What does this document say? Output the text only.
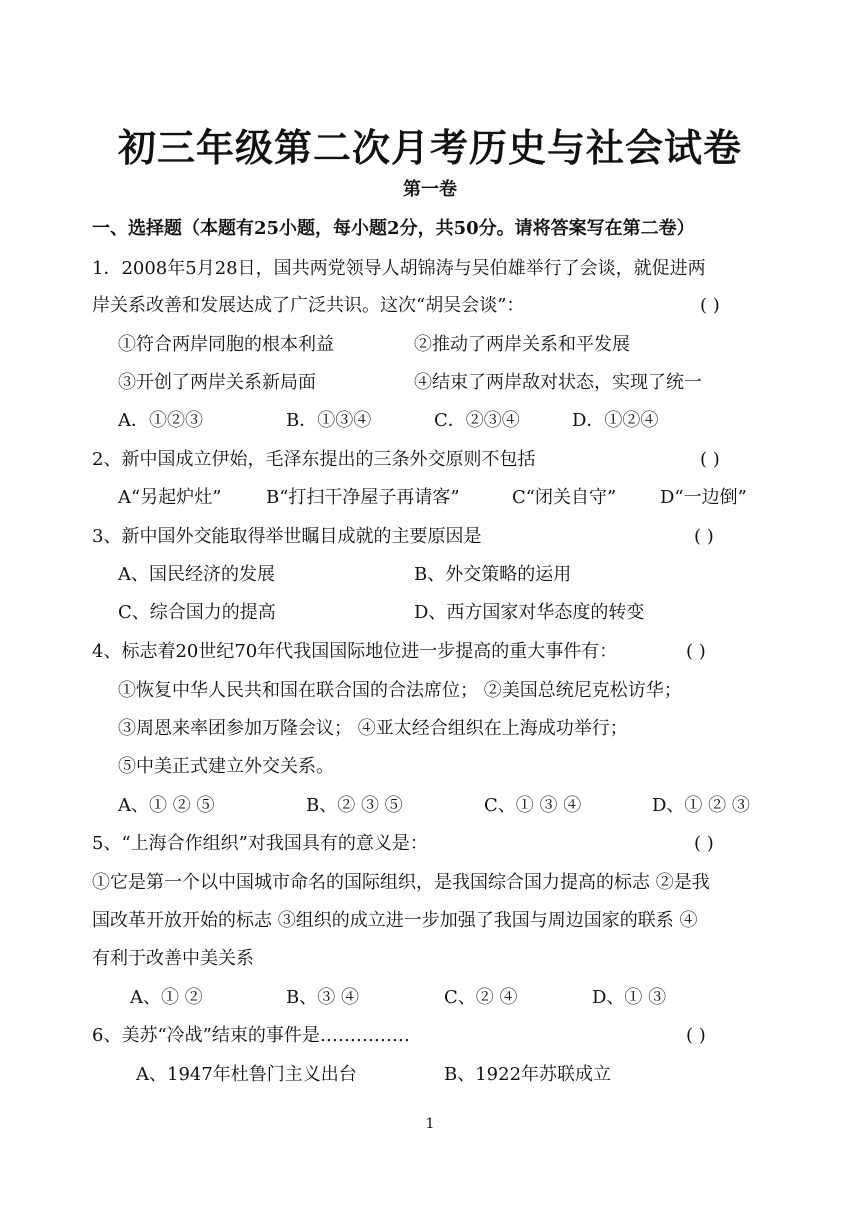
初三年级第二次月考历史与社会试卷
第一卷
一、选择题（本题有25小题，每小题2分，共50分。请将答案写在第二卷）
1．2008年5月28日，国共两党领导人胡锦涛与吴伯雄举行了会谈，就促进两
岸关系改善和发展达成了广泛共识。这次“胡吴会谈”：	( )
①符合两岸同胞的根本利益	②推动了两岸关系和平发展
③开创了两岸关系新局面	④结束了两岸敌对状态，实现了统一
A．①②③	B．①③④	C．②③④	D．①②④
2、新中国成立伊始，毛泽东提出的三条外交原则不包括	( )
A“另起炉灶” B“打扫干净屋子再请客”	C“闭关自守” D“一边倒”
3、新中国外交能取得举世瞩目成就的主要原因是	( )
A、国民经济的发展	B、外交策略的运用
C、综合国力的提高	D、西方国家对华态度的转变
4、标志着20世纪70年代我国国际地位进一步提高的重大事件有：	( )
①恢复中华人民共和国在联合国的合法席位； ②美国总统尼克松访华；
③周恩来率团参加万隆会议； ④亚太经合组织在上海成功举行；
⑤中美正式建立外交关系。
A、① ② ⑤	B、② ③ ⑤	C、① ③ ④	D、① ② ③
5、“上海合作组织”对我国具有的意义是：	( )
①它是第一个以中国城市命名的国际组织，是我国综合国力提高的标志 ②是我
国改革开放开始的标志 ③组织的成立进一步加强了我国与周边国家的联系 ④
有利于改善中美关系
A、① ②	B、③ ④	C、② ④	D、① ③
6、美苏“冷战”结束的事件是……………	( )
A、1947年杜鲁门主义出台	B、1922年苏联成立
1
